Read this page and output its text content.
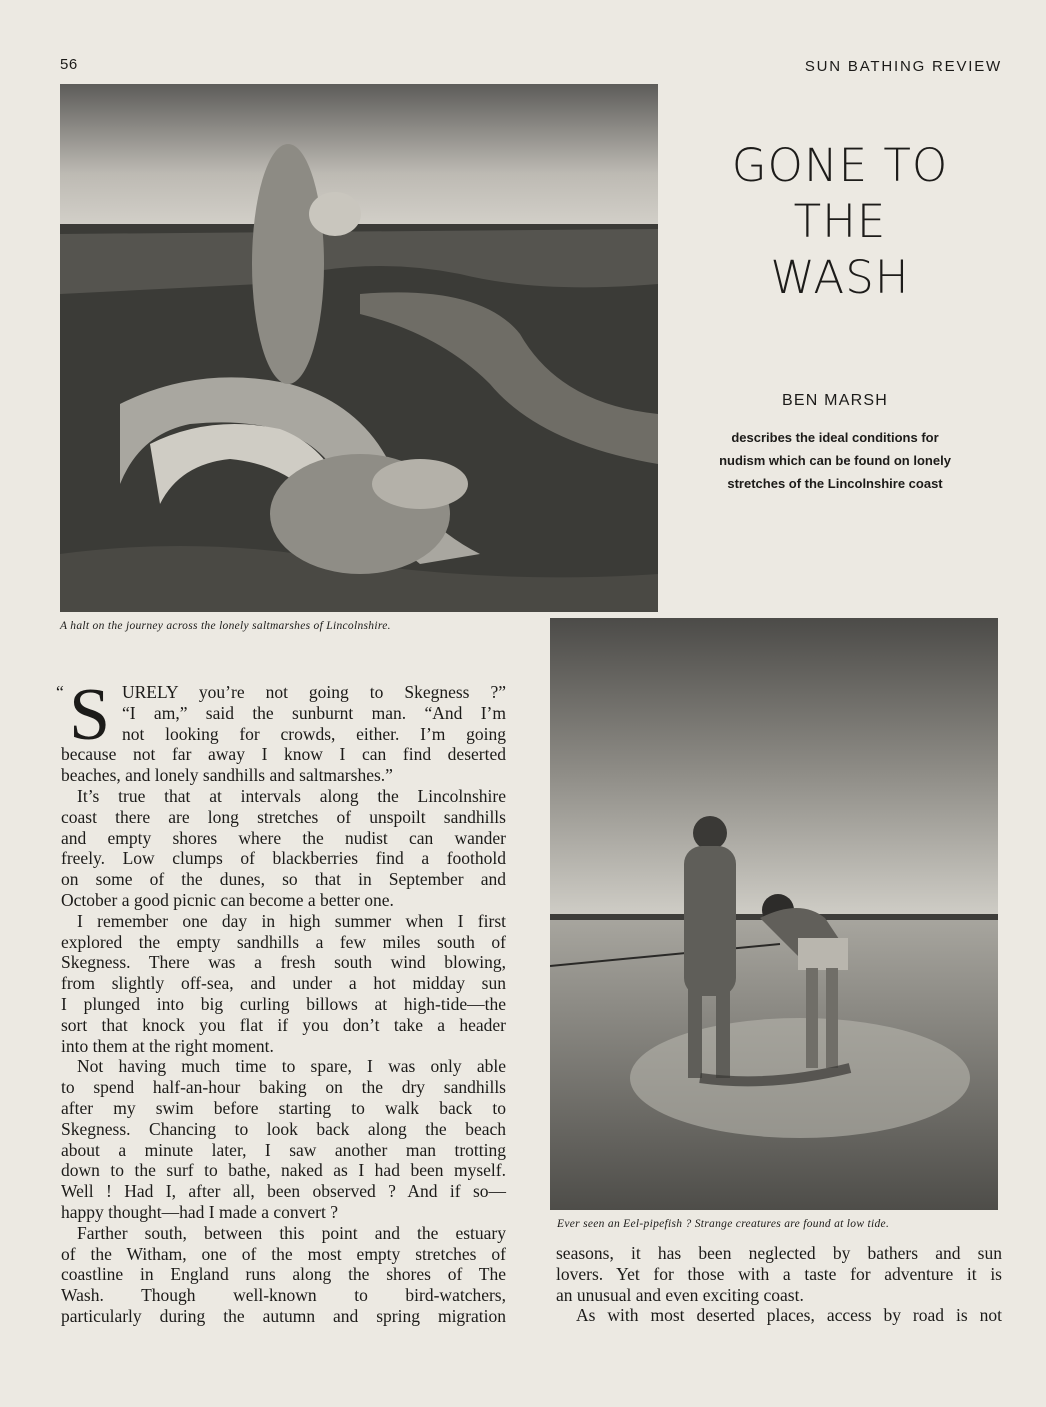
56	SUN BATHING REVIEW
A halt on the journey across the lonely saltmarshes of Lincolnshire.
GONE TO
THE
WASH
BEN MARSH
describes the ideal conditions for
nudism which can be found on lonely
stretches of the Lincolnshire coast
Ever seen an Eel-pipefish ? Strange creatures are found at low tide.
“ S URELY you’re not going to Skegness ?”
“I am,” said the sunburnt man. “And I’m
not looking for crowds, either. I’m going
because not far away I know I can find deserted
beaches, and lonely sandhills and saltmarshes.”
It’s true that at intervals along the Lincolnshire
coast there are long stretches of unspoilt sandhills
and empty shores where the nudist can wander
freely. Low clumps of blackberries find a foothold
on some of the dunes, so that in September and
October a good picnic can become a better one.
I remember one day in high summer when I first
explored the empty sandhills a few miles south of
Skegness. There was a fresh south wind blowing,
from slightly off-sea, and under a hot midday sun
I plunged into big curling billows at high-tide—the
sort that knock you flat if you don’t take a header
into them at the right moment.
Not having much time to spare, I was only able
to spend half-an-hour baking on the dry sandhills
after my swim before starting to walk back to
Skegness. Chancing to look back along the beach
about a minute later, I saw another man trotting
down to the surf to bathe, naked as I had been myself.
Well ! Had I, after all, been observed ? And if so—
happy thought—had I made a convert ?
Farther south, between this point and the estuary
of the Witham, one of the most empty stretches of
coastline in England runs along the shores of The
Wash. Though well-known to bird-watchers,
particularly during the autumn and spring migration
seasons, it has been neglected by bathers and sun
lovers. Yet for those with a taste for adventure it is
an unusual and even exciting coast.
As with most deserted places, access by road is not
